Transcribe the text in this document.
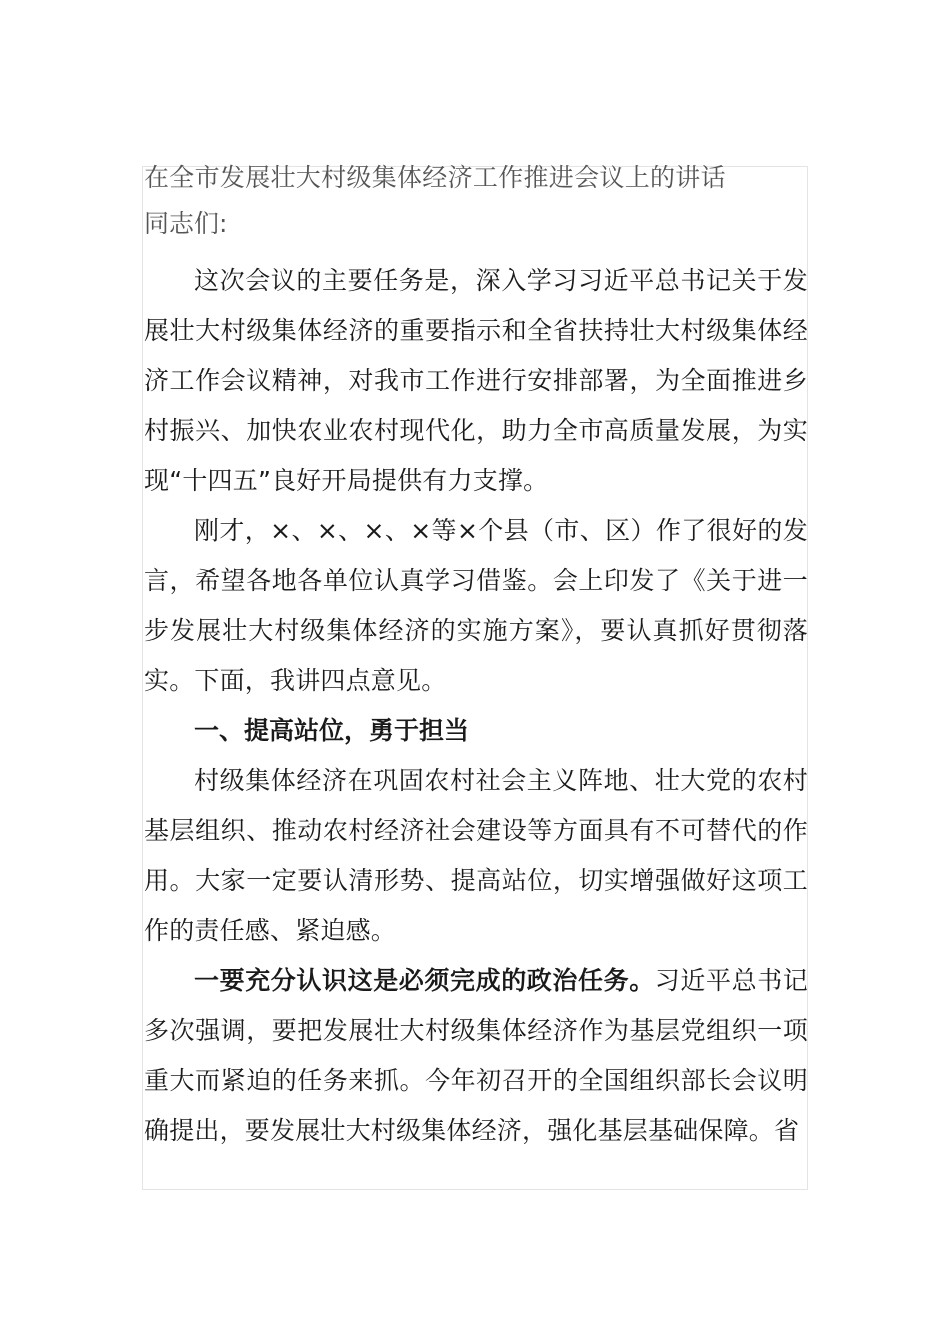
在全市发展壮大村级集体经济工作推进会议上的讲话

同志们:

这次会议的主要任务是，深入学习习近平总书记关于发展壮大村级集体经济的重要指示和全省扶持壮大村级集体经济工作会议精神，对我市工作进行安排部署，为全面推进乡村振兴、加快农业农村现代化，助力全市高质量发展，为实现“十四五”良好开局提供有力支撑。

刚才，×、×、×、×等×个县（市、区）作了很好的发言，希望各地各单位认真学习借鉴。会上印发了《关于进一步发展壮大村级集体经济的实施方案》，要认真抓好贯彻落实。下面，我讲四点意见。

一、提高站位，勇于担当

村级集体经济在巩固农村社会主义阵地、壮大党的农村基层组织、推动农村经济社会建设等方面具有不可替代的作用。大家一定要认清形势、提高站位，切实增强做好这项工作的责任感、紧迫感。

一要充分认识这是必须完成的政治任务。习近平总书记多次强调，要把发展壮大村级集体经济作为基层党组织一项重大而紧迫的任务来抓。今年初召开的全国组织部长会议明确提出，要发展壮大村级集体经济，强化基层基础保障。省
